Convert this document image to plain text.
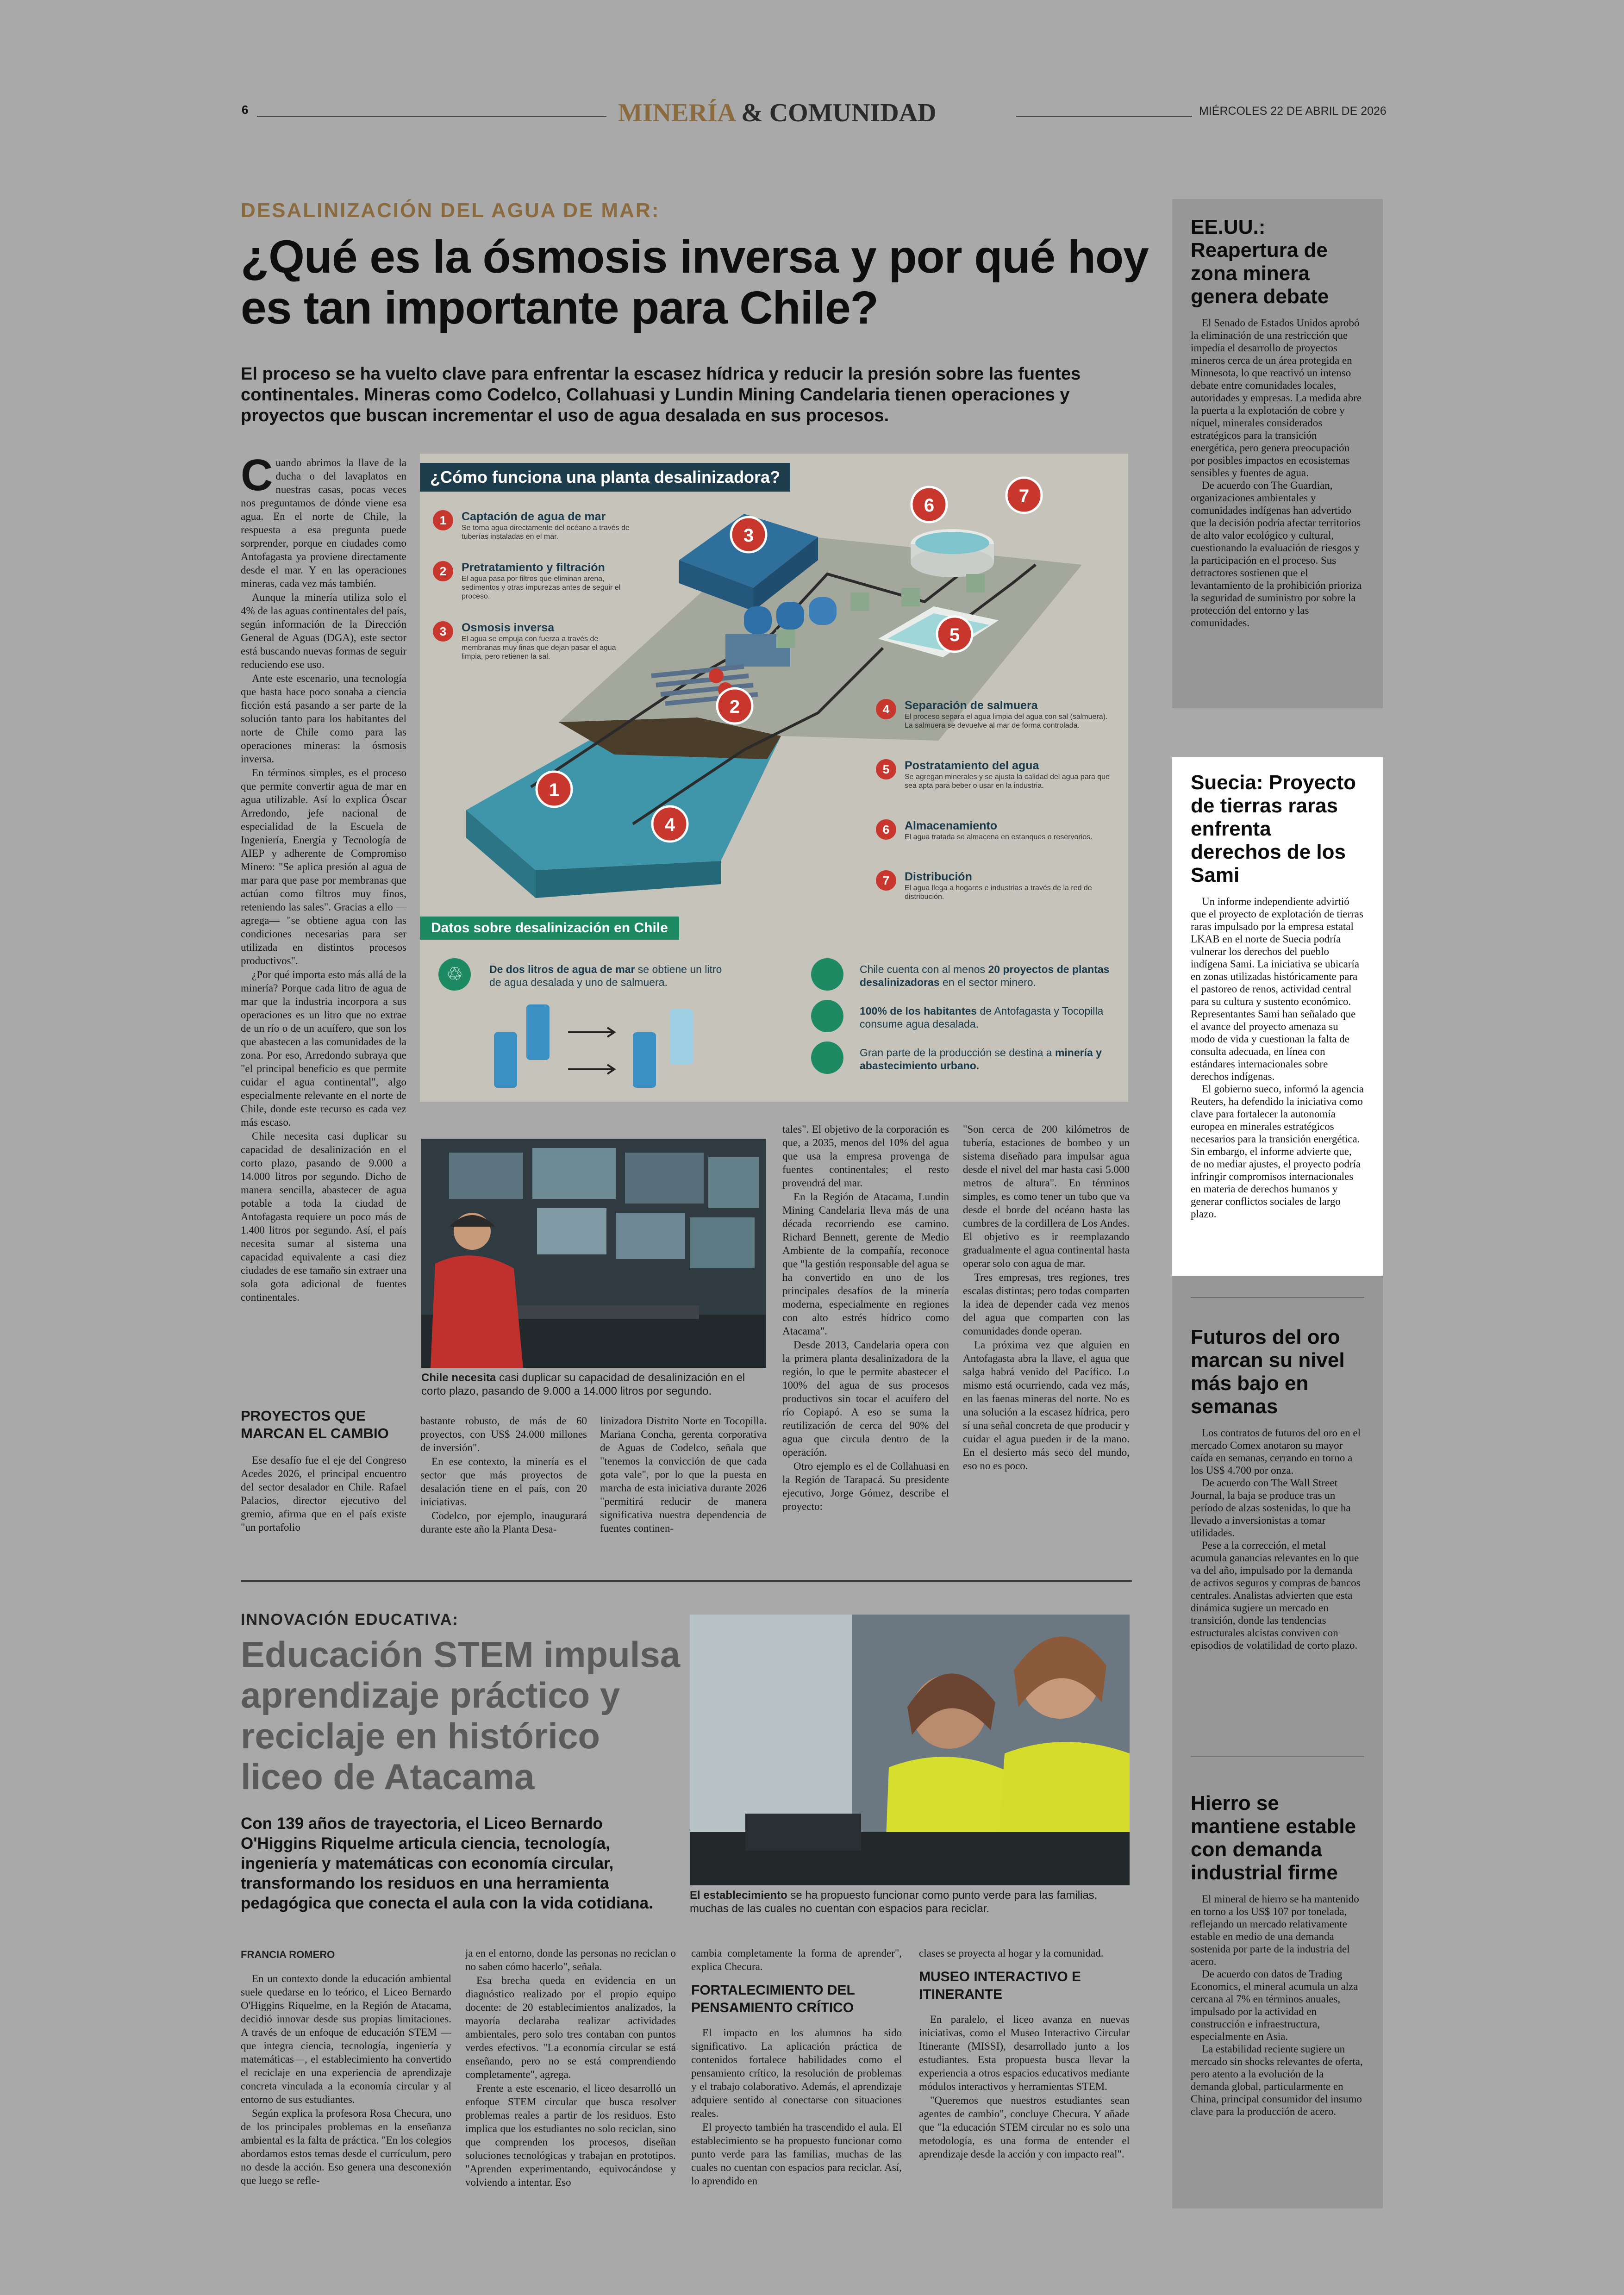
6	MINERÍA & COMUNIDAD	MIÉRCOLES 22 DE ABRIL DE 2026
DESALINIZACIÓN DEL AGUA DE MAR:
¿Qué es la ósmosis inversa y por qué hoy es tan importante para Chile?
El proceso se ha vuelto clave para enfrentar la escasez hídrica y reducir la presión sobre las fuentes continentales. Mineras como Codelco, Collahuasi y Lundin Mining Candelaria tienen operaciones y proyectos que buscan incrementar el uso de agua desalada en sus procesos.

Cuando abrimos la llave de la ducha o del lavaplatos en nuestras casas, pocas veces nos preguntamos de dónde viene esa agua. En el norte de Chile, la respuesta a esa pregunta puede sorprender, porque en ciudades como Antofagasta ya proviene directamente desde el mar. Y en las operaciones mineras, cada vez más también.

Aunque la minería utiliza solo el 4% de las aguas continentales del país, según información de la Dirección General de Aguas (DGA), este sector está buscando nuevas formas de seguir reduciendo ese uso.

Ante este escenario, una tecnología que hasta hace poco sonaba a ciencia ficción está pasando a ser parte de la solución tanto para los habitantes del norte de Chile como para las operaciones mineras: la ósmosis inversa.

En términos simples, es el proceso que permite convertir agua de mar en agua utilizable. Así lo explica Óscar Arredondo, jefe nacional de especialidad de la Escuela de Ingeniería, Energía y Tecnología de AIEP y adherente de Compromiso Minero: "Se aplica presión al agua de mar para que pase por membranas que actúan como filtros muy finos, reteniendo las sales". Gracias a ello —agrega— "se obtiene agua con las condiciones necesarias para ser utilizada en distintos procesos productivos".

¿Por qué importa esto más allá de la minería? Porque cada litro de agua de mar que la industria incorpora a sus operaciones es un litro que no extrae de un río o de un acuífero, que son los que abastecen a las comunidades de la zona. Por eso, Arredondo subraya que "el principal beneficio es que permite cuidar el agua continental", algo especialmente relevante en el norte de Chile, donde este recurso es cada vez más escaso.

Chile necesita casi duplicar su capacidad de desalinización en el corto plazo, pasando de 9.000 a 14.000 litros por segundo. Dicho de manera sencilla, abastecer de agua potable a toda la ciudad de Antofagasta requiere un poco más de 1.400 litros por segundo. Así, el país necesita sumar al sistema una capacidad equivalente a casi diez ciudades de ese tamaño sin extraer una sola gota adicional de fuentes continentales.

¿Cómo funciona una planta desalinizadora?
1
2
3
4
5
6	7
1	Captación de agua de mar
Se toma agua directamente del océano a través de tuberías instaladas en el mar.
2	Pretratamiento y filtración
El agua pasa por filtros que eliminan arena, sedimentos y otras impurezas antes de seguir el proceso.
3	Osmosis inversa
El agua se empuja con fuerza a través de membranas muy finas que dejan pasar el agua limpia, pero retienen la sal.
4	Separación de salmuera
El proceso separa el agua limpia del agua con sal (salmuera). La salmuera se devuelve al mar de forma controlada.
5	Postratamiento del agua
Se agregan minerales y se ajusta la calidad del agua para que sea apta para beber o usar en la industria.
6	Almacenamiento
El agua tratada se almacena en estanques o reservorios.
7	Distribución
El agua llega a hogares e industrias a través de la red de distribución.
Datos sobre desalinización en Chile
♲	De dos litros de agua de mar se obtiene un litro de agua desalada y uno de salmuera.
Chile cuenta con al menos 20 proyectos de plantas desalinizadoras en el sector minero.
100% de los habitantes de Antofagasta y Tocopilla consume agua desalada.
Gran parte de la producción se destina a minería y abastecimiento urbano.
Chile necesita casi duplicar su capacidad de desalinización en el corto plazo, pasando de 9.000 a 14.000 litros por segundo.
PROYECTOS QUE MARCAN EL CAMBIO

Ese desafío fue el eje del Congreso Acedes 2026, el principal encuentro del sector desalador en Chile. Rafael Palacios, director ejecutivo del gremio, afirma que en el país existe "un portafolio

bastante robusto, de más de 60 proyectos, con US$ 24.000 millones de inversión".

En ese contexto, la minería es el sector que más proyectos de desalación tiene en el país, con 20 iniciativas.

Codelco, por ejemplo, inaugurará durante este año la Planta Desa-

linizadora Distrito Norte en Tocopilla. Mariana Concha, gerenta corporativa de Aguas de Codelco, señala que "tenemos la convicción de que cada gota vale", por lo que la puesta en marcha de esta iniciativa durante 2026 "permitirá reducir de manera significativa nuestra dependencia de fuentes continen-

tales". El objetivo de la corporación es que, a 2035, menos del 10% del agua que usa la empresa provenga de fuentes continentales; el resto provendrá del mar.

En la Región de Atacama, Lundin Mining Candelaria lleva más de una década recorriendo ese camino. Richard Bennett, gerente de Medio Ambiente de la compañía, reconoce que "la gestión responsable del agua se ha convertido en uno de los principales desafíos de la minería moderna, especialmente en regiones con alto estrés hídrico como Atacama".

Desde 2013, Candelaria opera con la primera planta desalinizadora de la región, lo que le permite abastecer el 100% del agua de sus procesos productivos sin tocar el acuífero del río Copiapó. A eso se suma la reutilización de cerca del 90% del agua que circula dentro de la operación.

Otro ejemplo es el de Collahuasi en la Región de Tarapacá. Su presidente ejecutivo, Jorge Gómez, describe el proyecto:

"Son cerca de 200 kilómetros de tubería, estaciones de bombeo y un sistema diseñado para impulsar agua desde el nivel del mar hasta casi 5.000 metros de altura". En términos simples, es como tener un tubo que va desde el borde del océano hasta las cumbres de la cordillera de Los Andes. El objetivo es ir reemplazando gradualmente el agua continental hasta operar solo con agua de mar.

Tres empresas, tres regiones, tres escalas distintas; pero todas comparten la idea de depender cada vez menos del agua que comparten con las comunidades donde operan.

La próxima vez que alguien en Antofagasta abra la llave, el agua que salga habrá venido del Pacífico. Lo mismo está ocurriendo, cada vez más, en las faenas mineras del norte. No es una solución a la escasez hídrica, pero sí una señal concreta de que producir y cuidar el agua pueden ir de la mano. En el desierto más seco del mundo, eso no es poco.

INNOVACIÓN EDUCATIVA:
Educación STEM impulsa aprendizaje práctico y reciclaje en histórico liceo de Atacama
Con 139 años de trayectoria, el Liceo Bernardo O'Higgins Riquelme articula ciencia, tecnología, ingeniería y matemáticas con economía circular, transformando los residuos en una herramienta pedagógica que conecta el aula con la vida cotidiana.	El establecimiento se ha propuesto funcionar como punto verde para las familias, muchas de las cuales no cuentan con espacios para reciclar.
FRANCIA ROMERO

En un contexto donde la educación ambiental suele quedarse en lo teórico, el Liceo Bernardo O'Higgins Riquelme, en la Región de Atacama, decidió innovar desde sus propias limitaciones. A través de un enfoque de educación STEM —que integra ciencia, tecnología, ingeniería y matemáticas—, el establecimiento ha convertido el reciclaje en una experiencia de aprendizaje concreta vinculada a la economía circular y al entorno de sus estudiantes.

Según explica la profesora Rosa Checura, uno de los principales problemas en la enseñanza ambiental es la falta de práctica. "En los colegios abordamos estos temas desde el currículum, pero no desde la acción. Eso genera una desconexión que luego se refle-

ja en el entorno, donde las personas no reciclan o no saben cómo hacerlo", señala.

Esa brecha queda en evidencia en un diagnóstico realizado por el propio equipo docente: de 20 establecimientos analizados, la mayoría declaraba realizar actividades ambientales, pero solo tres contaban con puntos verdes efectivos. "La economía circular se está enseñando, pero no se está comprendiendo completamente", agrega.

Frente a este escenario, el liceo desarrolló un enfoque STEM circular que busca resolver problemas reales a partir de los residuos. Esto implica que los estudiantes no solo reciclan, sino que comprenden los procesos, diseñan soluciones tecnológicas y trabajan en prototipos. "Aprenden experimentando, equivocándose y volviendo a intentar. Eso

cambia completamente la forma de aprender", explica Checura.

FORTALECIMIENTO DEL PENSAMIENTO CRÍTICO

El impacto en los alumnos ha sido significativo. La aplicación práctica de contenidos fortalece habilidades como el pensamiento crítico, la resolución de problemas y el trabajo colaborativo. Además, el aprendizaje adquiere sentido al conectarse con situaciones reales.

El proyecto también ha trascendido el aula. El establecimiento se ha propuesto funcionar como punto verde para las familias, muchas de las cuales no cuentan con espacios para reciclar. Así, lo aprendido en

clases se proyecta al hogar y la comunidad.

MUSEO INTERACTIVO E ITINERANTE

En paralelo, el liceo avanza en nuevas iniciativas, como el Museo Interactivo Circular Itinerante (MISSI), desarrollado junto a los estudiantes. Esta propuesta busca llevar la experiencia a otros espacios educativos mediante módulos interactivos y herramientas STEM.

"Queremos que nuestros estudiantes sean agentes de cambio", concluye Checura. Y añade que "la educación STEM circular no es solo una metodología, es una forma de entender el aprendizaje desde la acción y con impacto real".

EE.UU.:
Reapertura de zona minera genera debate

El Senado de Estados Unidos aprobó la eliminación de una restricción que impedía el desarrollo de proyectos mineros cerca de un área protegida en Minnesota, lo que reactivó un intenso debate entre comunidades locales, autoridades y empresas. La medida abre la puerta a la explotación de cobre y níquel, minerales considerados estratégicos para la transición energética, pero genera preocupación por posibles impactos en ecosistemas sensibles y fuentes de agua.

De acuerdo con The Guardian, organizaciones ambientales y comunidades indígenas han advertido que la decisión podría afectar territorios de alto valor ecológico y cultural, cuestionando la evaluación de riesgos y la participación en el proceso. Sus detractores sostienen que el levantamiento de la prohibición prioriza la seguridad de suministro por sobre la protección del entorno y las comunidades.

Suecia: Proyecto de tierras raras enfrenta derechos de los Sami

Un informe independiente advirtió que el proyecto de explotación de tierras raras impulsado por la empresa estatal LKAB en el norte de Suecia podría vulnerar los derechos del pueblo indígena Sami. La iniciativa se ubicaría en zonas utilizadas históricamente para el pastoreo de renos, actividad central para su cultura y sustento económico. Representantes Sami han señalado que el avance del proyecto amenaza su modo de vida y cuestionan la falta de consulta adecuada, en línea con estándares internacionales sobre derechos indígenas.

El gobierno sueco, informó la agencia Reuters, ha defendido la iniciativa como clave para fortalecer la autonomía europea en minerales estratégicos necesarios para la transición energética. Sin embargo, el informe advierte que, de no mediar ajustes, el proyecto podría infringir compromisos internacionales en materia de derechos humanos y generar conflictos sociales de largo plazo.

Futuros del oro marcan su nivel más bajo en semanas

Los contratos de futuros del oro en el mercado Comex anotaron su mayor caída en semanas, cerrando en torno a los US$ 4.700 por onza.

De acuerdo con The Wall Street Journal, la baja se produce tras un período de alzas sostenidas, lo que ha llevado a inversionistas a tomar utilidades.

Pese a la corrección, el metal acumula ganancias relevantes en lo que va del año, impulsado por la demanda de activos seguros y compras de bancos centrales. Analistas advierten que esta dinámica sugiere un mercado en transición, donde las tendencias estructurales alcistas conviven con episodios de volatilidad de corto plazo.

Hierro se mantiene estable con demanda industrial firme

El mineral de hierro se ha mantenido en torno a los US$ 107 por tonelada, reflejando un mercado relativamente estable en medio de una demanda sostenida por parte de la industria del acero.

De acuerdo con datos de Trading Economics, el mineral acumula un alza cercana al 7% en términos anuales, impulsado por la actividad en construcción e infraestructura, especialmente en Asia.

La estabilidad reciente sugiere un mercado sin shocks relevantes de oferta, pero atento a la evolución de la demanda global, particularmente en China, principal consumidor del insumo clave para la producción de acero.
